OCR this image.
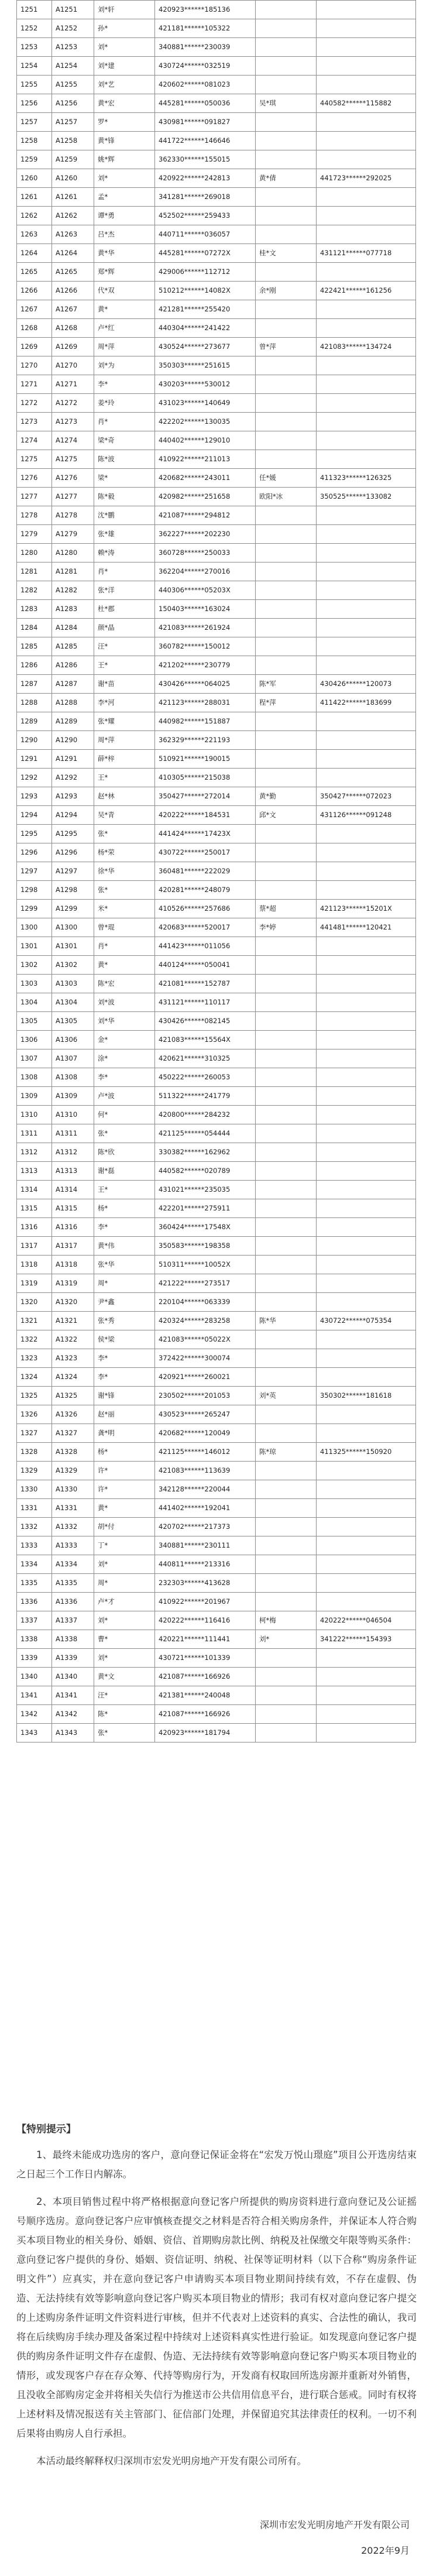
1251	A1251	刘*轩	420923******185136		
1252	A1252	孙*	421181******105322		
1253	A1253	刘*	340881******230039		
1254	A1254	刘*建	430724******032519		
1255	A1255	刘*艺	420602******081023		
1256	A1256	黄*宏	445281******050036	吴*琪	440582******115882
1257	A1257	罗*	430981******091827		
1258	A1258	黄*锋	441722******146646		
1259	A1259	姚*辉	362330******155015		
1260	A1260	刘*	420922******242813	黄*倩	441723******292025
1261	A1261	孟*	341281******269018		
1262	A1262	谭*勇	452502******259433		
1263	A1263	吕*杰	440711******036057		
1264	A1264	黄*华	445281******07272X	桂*文	431121******077718
1265	A1265	郑*辉	429006******112712		
1266	A1266	代*双	510212******14082X	余*刚	422421******161256
1267	A1267	黄*	421281******255420		
1268	A1268	卢*红	440304******241422		
1269	A1269	周*萍	430524******273677	曾*萍	421083******134724
1270	A1270	刘*为	350303******251615		
1271	A1271	李*	430203******530012		
1272	A1272	姜*玲	431023******140649		
1273	A1273	肖*	422202******130035		
1274	A1274	梁*奇	440402******129010		
1275	A1275	陈*波	410922******211013		
1276	A1276	梁*	420682******243011	任*媛	411323******126325
1277	A1277	陈*毅	420982******251658	欧阳*冰	350525******133082
1278	A1278	沈*鹏	421087******294812		
1279	A1279	张*雄	362227******202230		
1280	A1280	赖*涛	360728******250033		
1281	A1281	肖*	362204******270016		
1282	A1282	张*洋	440306******05203X		
1283	A1283	杜*郡	150403******163024		
1284	A1284	颜*晶	421083******261924		
1285	A1285	汪*	360782******150012		
1286	A1286	王*	421202******230779		
1287	A1287	谢*苗	430426******064025	陈*军	430426******120073
1288	A1288	李*河	421123******288031	程*萍	411422******183699
1289	A1289	张*耀	440982******151887		
1290	A1290	周*萍	362329******221193		
1291	A1291	薛*梓	510921******190015		
1292	A1292	王*	410305******215038		
1293	A1293	赵*林	350427******272014	黄*勤	350427******072023
1294	A1294	吴*青	420222******184531	邱*文	431126******091248
1295	A1295	张*	441424******17423X		
1296	A1296	杨*荣	430722******250017		
1297	A1297	徐*华	360481******222029		
1298	A1298	张*	420281******248079		
1299	A1299	米*	410526******257686	蔡*超	421123******15201X
1300	A1300	曾*琨	420683******520017	李*婷	441481******120421
1301	A1301	肖*	441423******011056		
1302	A1302	黄*	440124******050041		
1303	A1303	陈*宏	421081******152787		
1304	A1304	刘*波	431121******110117		
1305	A1305	刘*华	430426******082145		
1306	A1306	金*	421083******15564X		
1307	A1307	涂*	420621******310325		
1308	A1308	李*	450222******260053		
1309	A1309	卢*波	511322******241779		
1310	A1310	何*	420800******284232		
1311	A1311	张*	421125******054444		
1312	A1312	陈*欣	330382******162962		
1313	A1313	谢*磊	440582******020789		
1314	A1314	王*	431021******235035		
1315	A1315	杨*	422201******275911		
1316	A1316	李*	360424******17548X		
1317	A1317	黄*伟	350583******198358		
1318	A1318	张*华	510311******10052X		
1319	A1319	周*	421222******273517		
1320	A1320	尹*鑫	220104******063339		
1321	A1321	张*秀	420324******283258	陈*华	430722******075354
1322	A1322	侯*梁	421083******05022X		
1323	A1323	李*	372422******300074		
1324	A1324	李*	420921******260021		
1325	A1325	谢*锋	230502******201053	刘*英	350302******181618
1326	A1326	赵*丽	430523******265247		
1327	A1327	龚*明	420682******120049		
1328	A1328	杨*	421125******146012	陈*琼	411325******150920
1329	A1329	许*	421083******113639		
1330	A1330	许*	342128******220044		
1331	A1331	黄*	441402******192041		
1332	A1332	胡*付	420702******217373		
1333	A1333	丁*	340881******230111		
1334	A1334	刘*	440811******213316		
1335	A1335	周*	232303******413628		
1336	A1336	卢*才	410922******201967		
1337	A1337	刘*	420222******116416	柯*梅	420222******046504
1338	A1338	曹*	420221******111441	刘*	341222******154393
1339	A1339	刘*	430721******101339		
1340	A1340	黄*文	421087******166926		
1341	A1341	汪*	421381******240048		
1342	A1342	陈*	421087******166926		
1343	A1343	张*	420923******181794		
【特别提示】

1、最终未能成功选房的客户，意向登记保证金将在“宏发万悦山璟庭”项目公开选房结束之日起三个工作日内解冻。

2、本项目销售过程中将严格根据意向登记客户所提供的购房资料进行意向登记及公证摇号顺序选房。意向登记客户应审慎核查提交之材料是否符合相关购房条件，并保证本人符合购买本项目物业的相关身份、婚姻、资信、首期购房款比例、纳税及社保缴交年限等购买条件：意向登记客户提供的身份、婚姻、资信证明、纳税、社保等证明材料（以下合称“购房条件证明文件”）应真实，并在意向登记客户申请购买本项目物业期间持续有效，不存在虚假、伪造、无法持续有效等影响意向登记客户购买本项目物业的情形；我司有权对意向登记客户提交的上述购房条件证明文件资料进行审核，但并不代表对上述资料的真实、合法性的确认，我司将在后续购房手续办理及备案过程中持续对上述资料真实性进行验证。如发现意向登记客户提供的购房条件证明文件存在虚假、伪造、无法持续有效等影响意向登记客户购买本项目物业的情形，或发现客户存在存众筹、代持等购房行为，开发商有权取回所选房源并重新对外销售，且没收全部购房定金并将相关失信行为推送市公共信用信息平台，进行联合惩戒。同时有权将上述材料及情况报送有关主管部门、征信部门处理，并保留追究其法律责任的权利。一切不利后果将由购房人自行承担。

本活动最终解释权归深圳市宏发光明房地产开发有限公司所有。

深圳市宏发光明房地产开发有限公司
2022年9月
